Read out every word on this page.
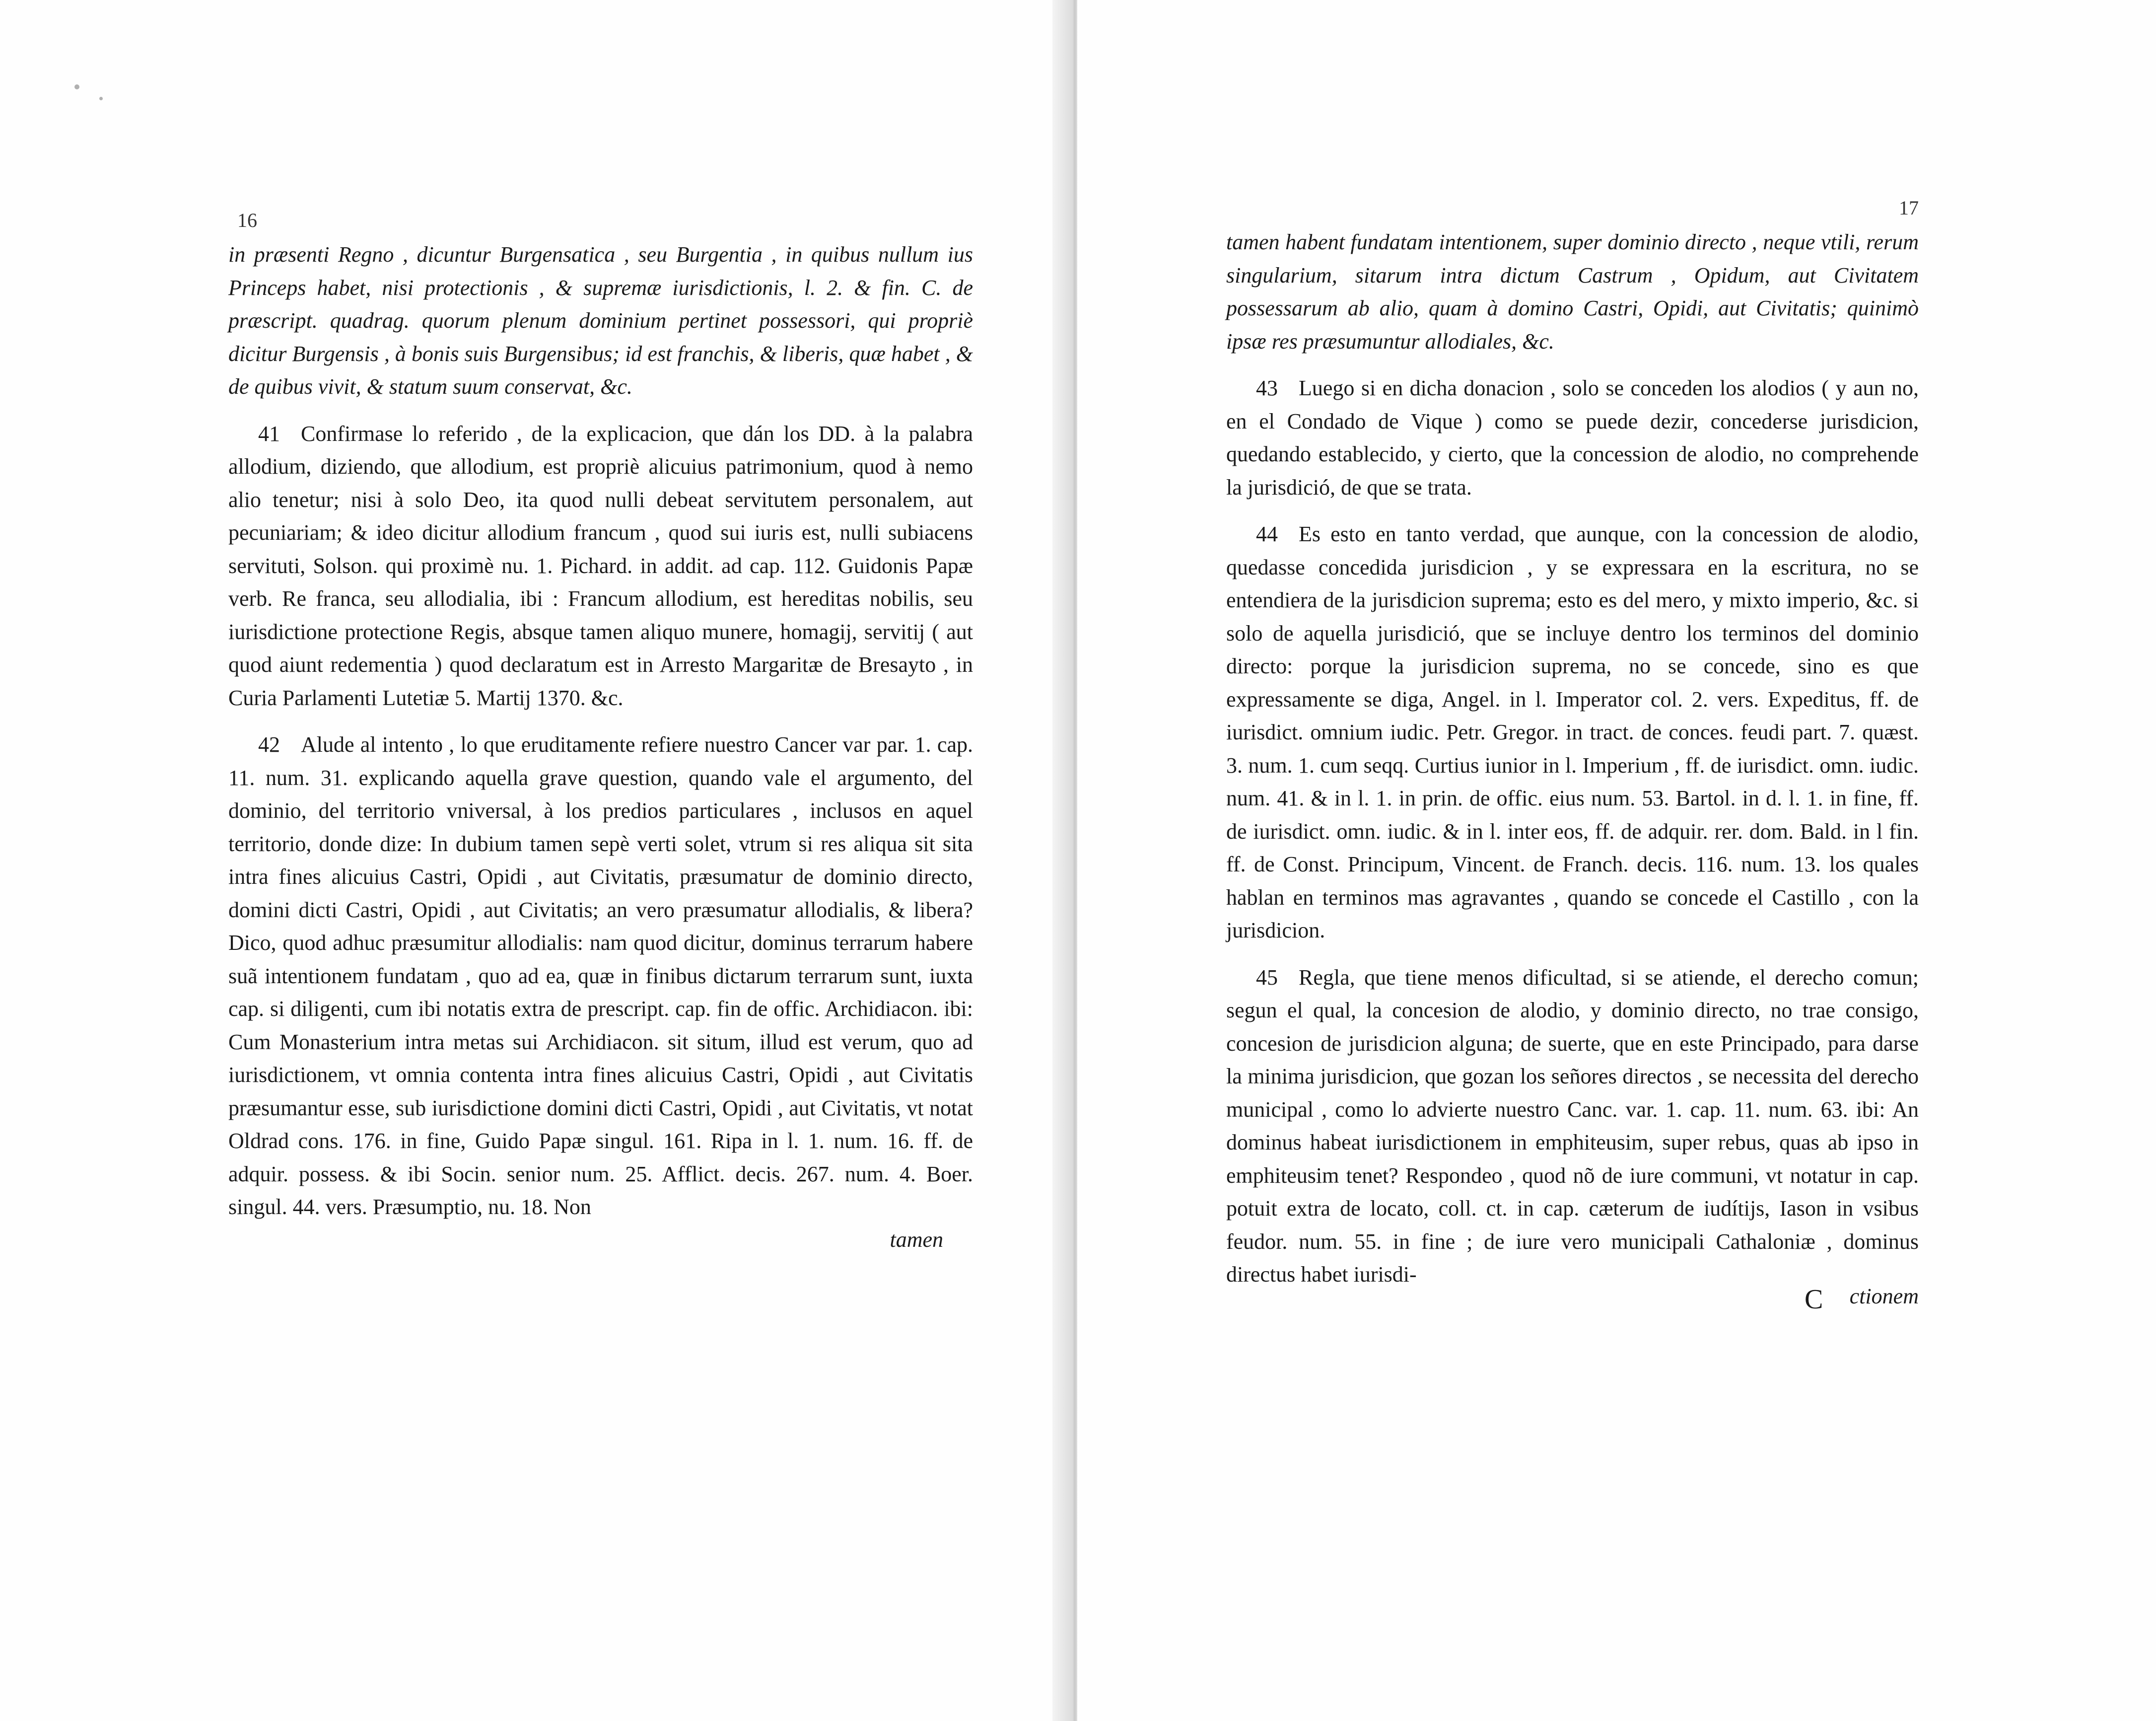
16

in præsenti Regno , dicuntur Burgensatica , seu Burgentia , in quibus nullum ius Princeps habet, nisi protectionis , & supremæ iurisdictionis, l. 2. & fin. C. de præscript. quadrag. quorum plenum dominium pertinet possessori, qui propriè dicitur Burgensis , à bonis suis Burgensibus; id est franchis, & liberis, quæ habet , & de quibus vivit, & statum suum conservat, &c.

41 Confirmase lo referido , de la explicacion, que dán los DD. à la palabra allodium, diziendo, que allodium, est propriè alicuius patrimonium, quod à nemo alio tenetur; nisi à solo Deo, ita quod nulli debeat servitutem personalem, aut pecuniariam; & ideo dicitur allodium francum , quod sui iuris est, nulli subiacens servituti, Solson. qui proximè nu. 1. Pichard. in addit. ad cap. 112. Guidonis Papæ verb. Re franca, seu allodialia, ibi : Francum allodium, est hereditas nobilis, seu iurisdictione protectione Regis, absque tamen aliquo munere, homagij, servitij ( aut quod aiunt redementia ) quod declaratum est in Arresto Margaritæ de Bresayto , in Curia Parlamenti Lutetiæ 5. Martij 1370. &c.

42 Alude al intento , lo que eruditamente refiere nuestro Cancer var par. 1. cap. 11. num. 31. explicando aquella grave question, quando vale el argumento, del dominio, del territorio vniversal, à los predios particulares , inclusos en aquel territorio, donde dize: In dubium tamen sepè verti solet, vtrum si res aliqua sit sita intra fines alicuius Castri, Opidi , aut Civitatis, præsumatur de dominio directo, domini dicti Castri, Opidi , aut Civitatis; an vero præsumatur allodialis, & libera? Dico, quod adhuc præsumitur allodialis: nam quod dicitur, dominus terrarum habere suã intentionem fundatam , quo ad ea, quæ in finibus dictarum terrarum sunt, iuxta cap. si diligenti, cum ibi notatis extra de prescript. cap. fin de offic. Archidiacon. ibi: Cum Monasterium intra metas sui Archidiacon. sit situm, illud est verum, quo ad iurisdictionem, vt omnia contenta intra fines alicuius Castri, Opidi , aut Civitatis præsumantur esse, sub iurisdictione domini dicti Castri, Opidi , aut Civitatis, vt notat Oldrad cons. 176. in fine, Guido Papæ singul. 161. Ripa in l. 1. num. 16. ff. de adquir. possess. & ibi Socin. senior num. 25. Afflict. decis. 267. num. 4. Boer. singul. 44. vers. Præsumptio, nu. 18. Non
tamen

17

tamen habent fundatam intentionem, super dominio directo , neque vtili, rerum singularium, sitarum intra dictum Castrum , Opidum, aut Civitatem possessarum ab alio, quam à domino Castri, Opidi, aut Civitatis; quinimò ipsæ res præsumuntur allodiales, &c.

43 Luego si en dicha donacion , solo se conceden los alodios ( y aun no, en el Condado de Vique ) como se puede dezir, concederse jurisdicion, quedando establecido, y cierto, que la concession de alodio, no comprehende la jurisdició, de que se trata.

44 Es esto en tanto verdad, que aunque, con la concession de alodio, quedasse concedida jurisdicion , y se expressara en la escritura, no se entendiera de la jurisdicion suprema; esto es del mero, y mixto imperio, &c. si solo de aquella jurisdició, que se incluye dentro los terminos del dominio directo: porque la jurisdicion suprema, no se concede, sino es que expressamente se diga, Angel. in l. Imperator col. 2. vers. Expeditus, ff. de iurisdict. omnium iudic. Petr. Gregor. in tract. de conces. feudi part. 7. quæst. 3. num. 1. cum seqq. Curtius iunior in l. Imperium , ff. de iurisdict. omn. iudic. num. 41. & in l. 1. in prin. de offic. eius num. 53. Bartol. in d. l. 1. in fine, ff. de iurisdict. omn. iudic. & in l. inter eos, ff. de adquir. rer. dom. Bald. in l fin. ff. de Const. Principum, Vincent. de Franch. decis. 116. num. 13. los quales hablan en terminos mas agravantes , quando se concede el Castillo , con la jurisdicion.

45 Regla, que tiene menos dificultad, si se atiende, el derecho comun; segun el qual, la concesion de alodio, y dominio directo, no trae consigo, concesion de jurisdicion alguna; de suerte, que en este Principado, para darse la minima jurisdicion, que gozan los señores directos , se necessita del derecho municipal , como lo advierte nuestro Canc. var. 1. cap. 11. num. 63. ibi: An dominus habeat iurisdictionem in emphiteusim, super rebus, quas ab ipso in emphiteusim tenet? Respondeo , quod nõ de iure communi, vt notatur in cap. potuit extra de locato, coll. ct. in cap. cæterum de iudítijs, Iason in vsibus feudor. num. 55. in fine ; de iure vero municipali Cathaloniæ , dominus directus habet iurisdi-

C ctionem
